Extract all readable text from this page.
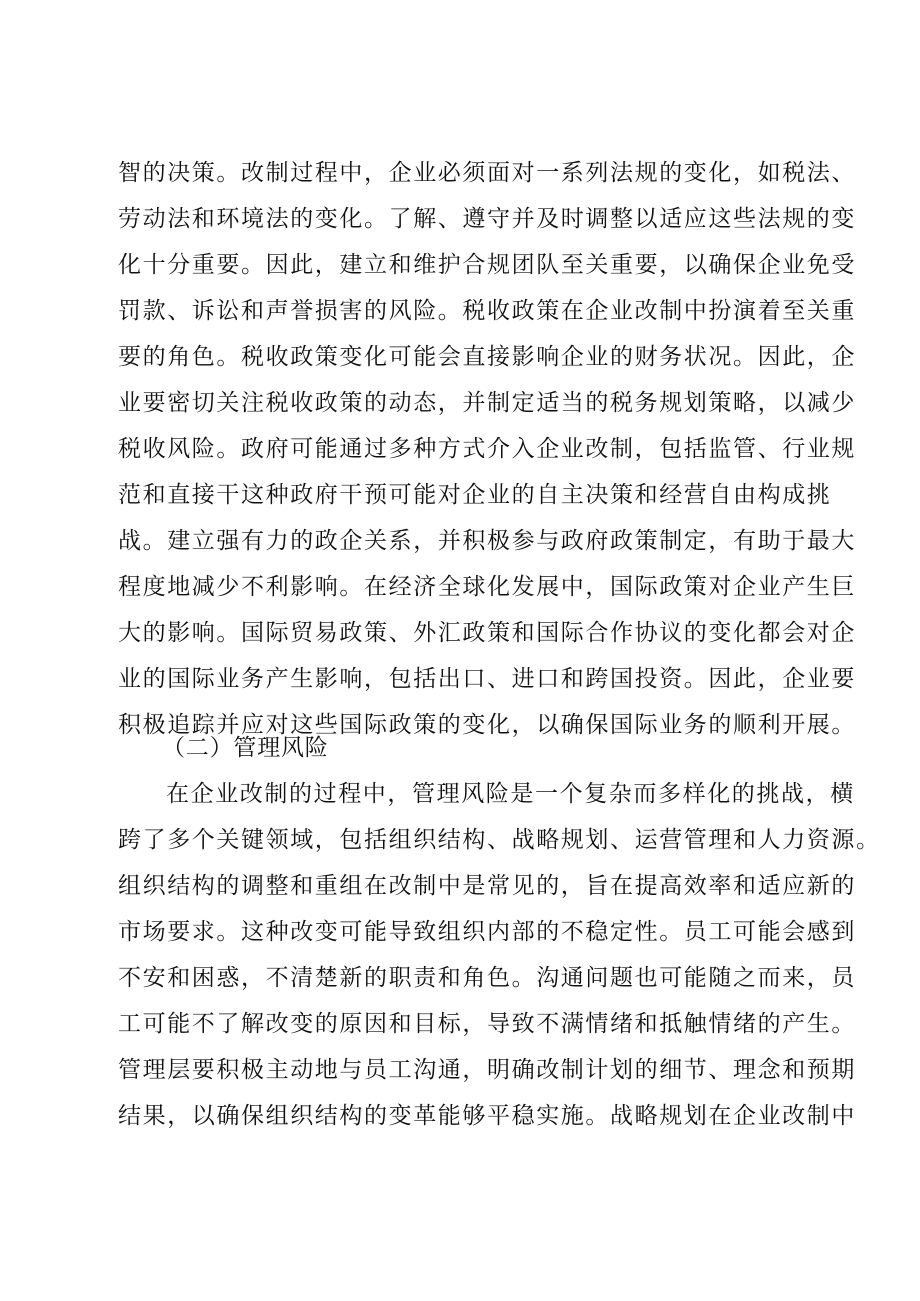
智的决策。改制过程中，企业必须面对一系列法规的变化，如税法、
劳动法和环境法的变化。了解、遵守并及时调整以适应这些法规的变
化十分重要。因此，建立和维护合规团队至关重要，以确保企业免受
罚款、诉讼和声誉损害的风险。税收政策在企业改制中扮演着至关重
要的角色。税收政策变化可能会直接影响企业的财务状况。因此，企
业要密切关注税收政策的动态，并制定适当的税务规划策略，以减少
税收风险。政府可能通过多种方式介入企业改制，包括监管、行业规
范和直接干这种政府干预可能对企业的自主决策和经营自由构成挑
战。建立强有力的政企关系，并积极参与政府政策制定，有助于最大
程度地减少不利影响。在经济全球化发展中，国际政策对企业产生巨
大的影响。国际贸易政策、外汇政策和国际合作协议的变化都会对企
业的国际业务产生影响，包括出口、进口和跨国投资。因此，企业要
积极追踪并应对这些国际政策的变化，以确保国际业务的顺利开展。
（二）管理风险
在企业改制的过程中，管理风险是一个复杂而多样化的挑战，横
跨了多个关键领域，包括组织结构、战略规划、运营管理和人力资源。
组织结构的调整和重组在改制中是常见的，旨在提高效率和适应新的
市场要求。这种改变可能导致组织内部的不稳定性。员工可能会感到
不安和困惑，不清楚新的职责和角色。沟通问题也可能随之而来，员
工可能不了解改变的原因和目标，导致不满情绪和抵触情绪的产生。
管理层要积极主动地与员工沟通，明确改制计划的细节、理念和预期
结果，以确保组织结构的变革能够平稳实施。战略规划在企业改制中
